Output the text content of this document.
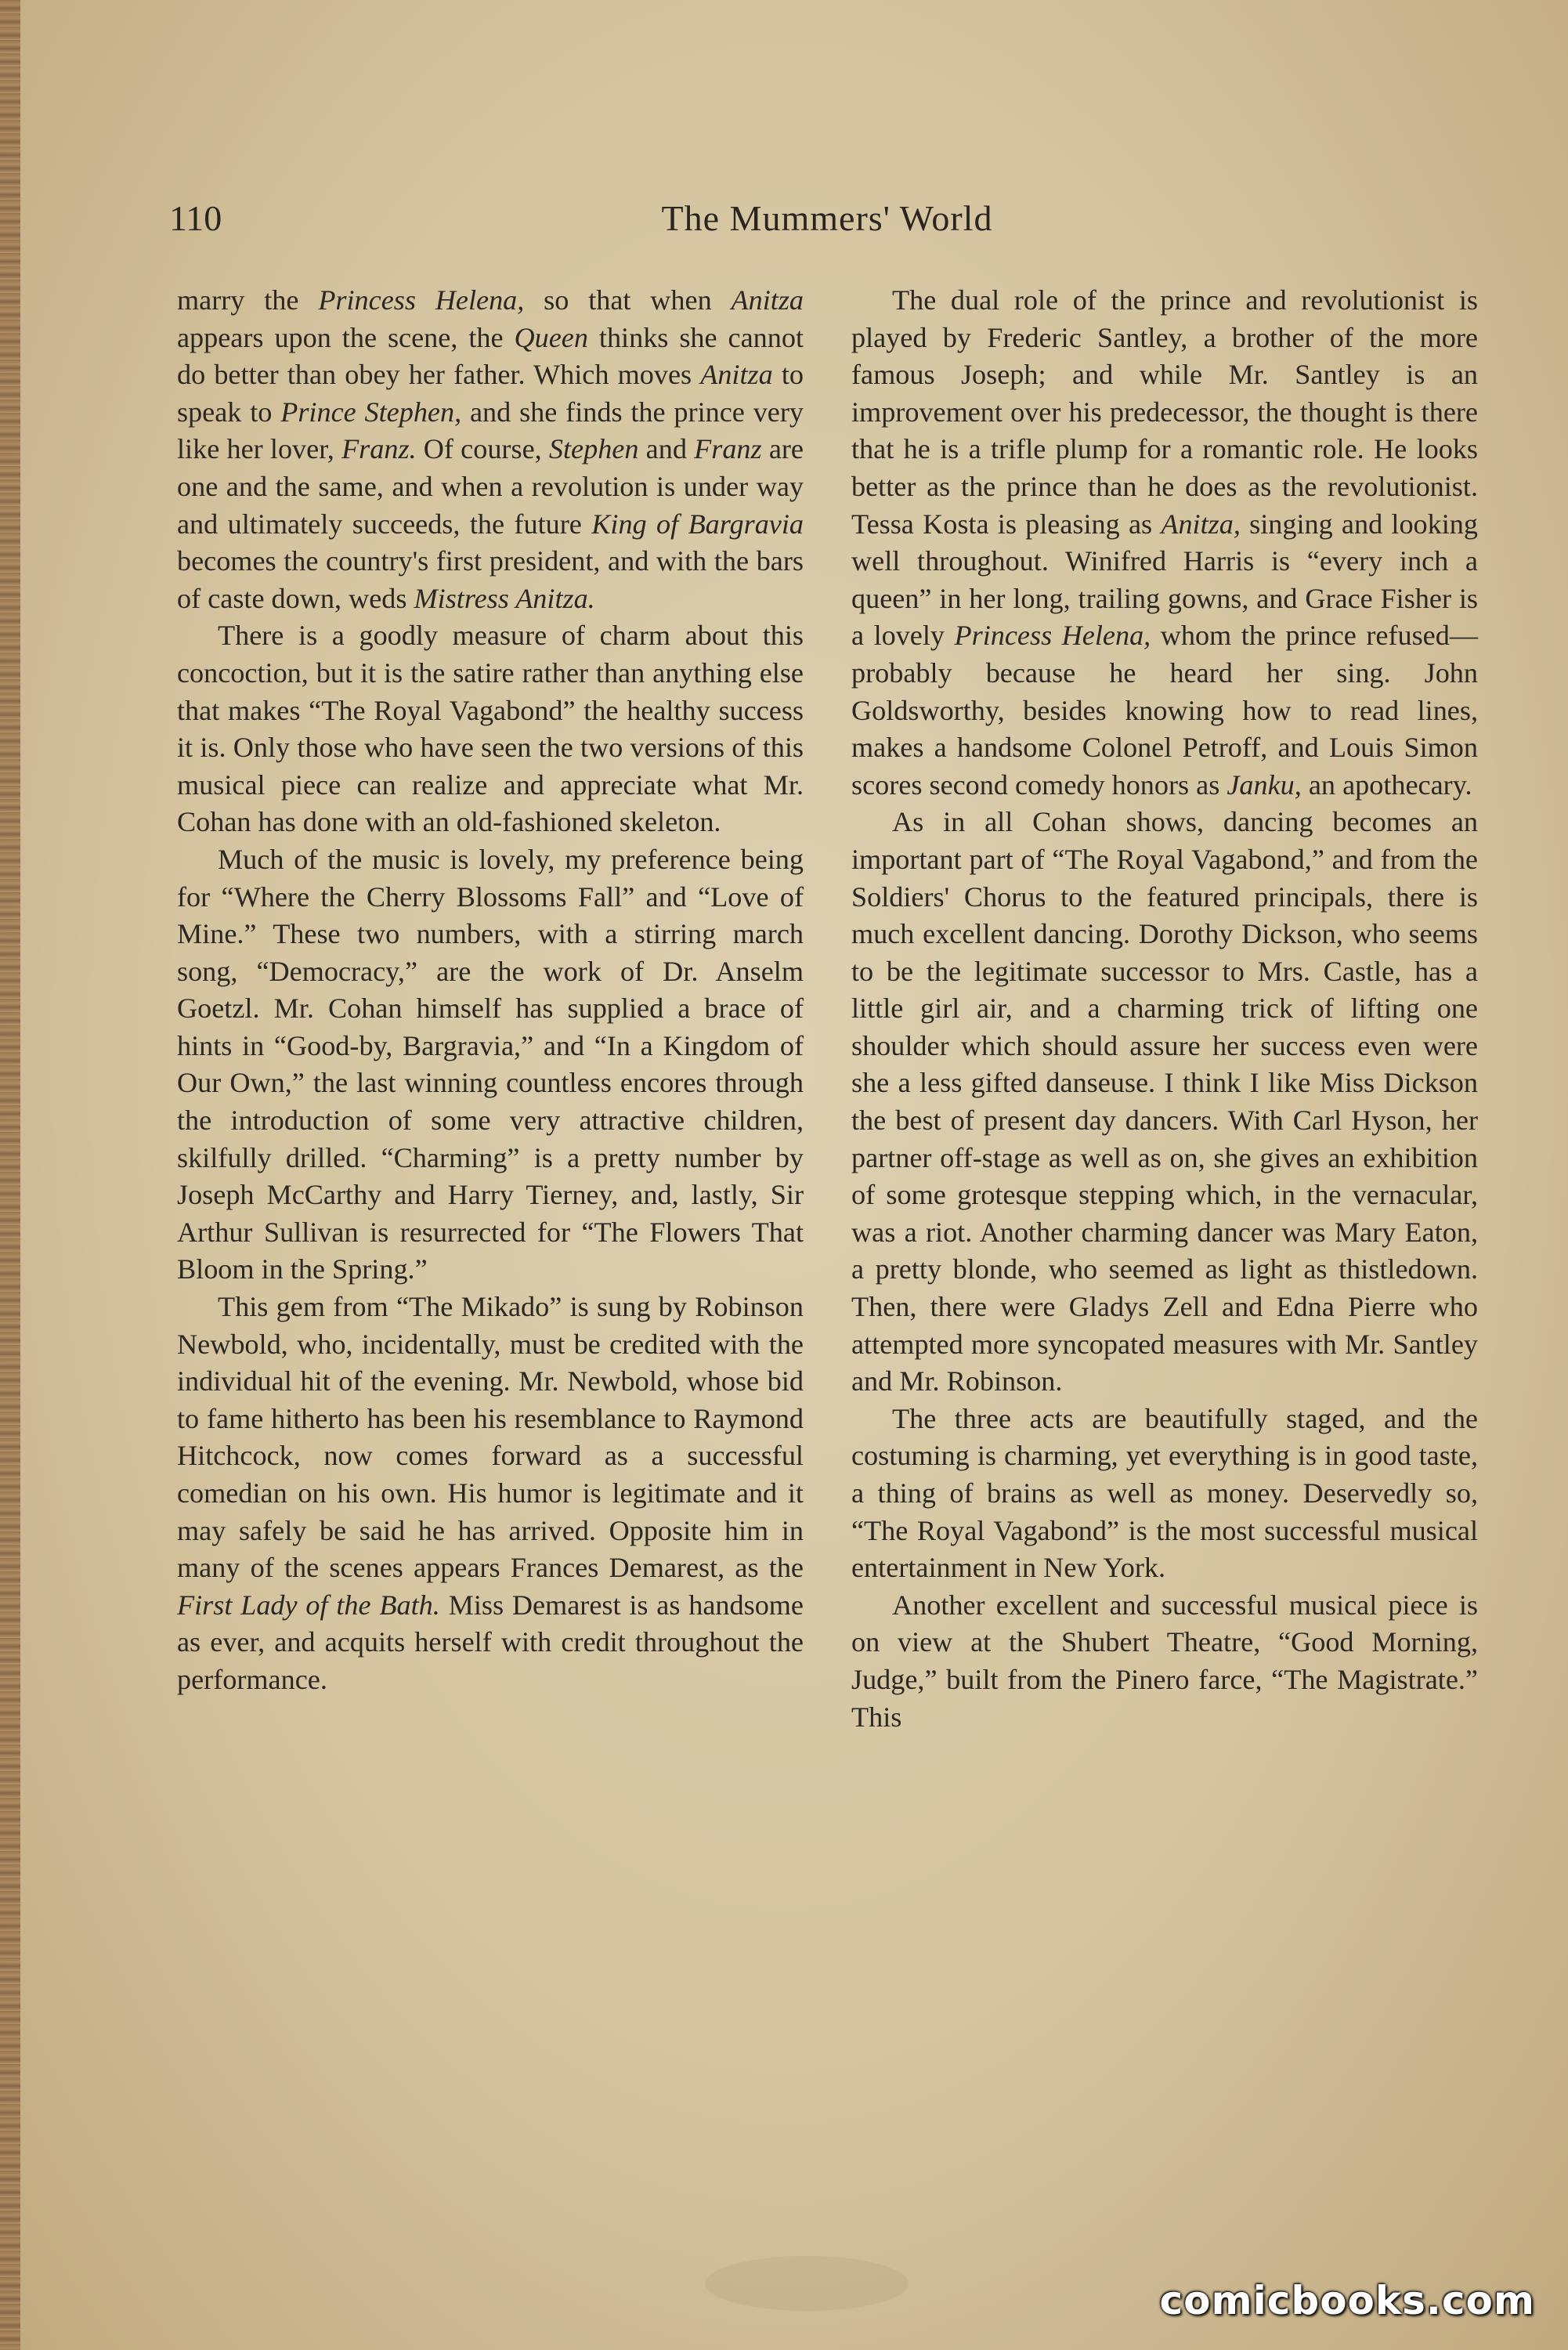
110	The Mummers' World

marry the Princess Helena, so that when Anitza appears upon the scene, the Queen thinks she cannot do better than obey her father. Which moves Anitza to speak to Prince Stephen, and she finds the prince very like her lover, Franz. Of course, Stephen and Franz are one and the same, and when a revolution is under way and ultimately succeeds, the future King of Bargravia becomes the country's first president, and with the bars of caste down, weds Mistress Anitza.

There is a goodly measure of charm about this concoction, but it is the satire rather than anything else that makes “The Royal Vagabond” the healthy success it is. Only those who have seen the two versions of this musical piece can realize and appreciate what Mr. Cohan has done with an old-fashioned skeleton.

Much of the music is lovely, my preference being for “Where the Cherry Blossoms Fall” and “Love of Mine.” These two numbers, with a stirring march song, “Democracy,” are the work of Dr. Anselm Goetzl. Mr. Cohan himself has supplied a brace of hints in “Good-by, Bargravia,” and “In a Kingdom of Our Own,” the last winning countless encores through the introduction of some very attractive children, skilfully drilled. “Charming” is a pretty number by Joseph McCarthy and Harry Tierney, and, lastly, Sir Arthur Sullivan is resurrected for “The Flowers That Bloom in the Spring.”

This gem from “The Mikado” is sung by Robinson Newbold, who, incidentally, must be credited with the individual hit of the evening. Mr. Newbold, whose bid to fame hitherto has been his resemblance to Raymond Hitchcock, now comes forward as a successful comedian on his own. His humor is legitimate and it may safely be said he has arrived. Opposite him in many of the scenes appears Frances Demarest, as the First Lady of the Bath. Miss Demarest is as handsome as ever, and acquits herself with credit throughout the performance.

The dual role of the prince and revolutionist is played by Frederic Santley, a brother of the more famous Joseph; and while Mr. Santley is an improvement over his predecessor, the thought is there that he is a trifle plump for a romantic role. He looks better as the prince than he does as the revolutionist. Tessa Kosta is pleasing as Anitza, singing and looking well throughout. Winifred Harris is “every inch a queen” in her long, trailing gowns, and Grace Fisher is a lovely Princess Helena, whom the prince refused—probably because he heard her sing. John Goldsworthy, besides knowing how to read lines, makes a handsome Colonel Petroff, and Louis Simon scores second comedy honors as Janku, an apothecary.

As in all Cohan shows, dancing becomes an important part of “The Royal Vagabond,” and from the Soldiers' Chorus to the featured principals, there is much excellent dancing. Dorothy Dickson, who seems to be the legitimate successor to Mrs. Castle, has a little girl air, and a charming trick of lifting one shoulder which should assure her success even were she a less gifted danseuse. I think I like Miss Dickson the best of present day dancers. With Carl Hyson, her partner off-stage as well as on, she gives an exhibition of some grotesque stepping which, in the vernacular, was a riot. Another charming dancer was Mary Eaton, a pretty blonde, who seemed as light as thistledown. Then, there were Gladys Zell and Edna Pierre who attempted more syncopated measures with Mr. Santley and Mr. Robinson.

The three acts are beautifully staged, and the costuming is charming, yet everything is in good taste, a thing of brains as well as money. Deservedly so, “The Royal Vagabond” is the most successful musical entertainment in New York.

Another excellent and successful musical piece is on view at the Shubert Theatre, “Good Morning, Judge,” built from the Pinero farce, “The Magistrate.” This

comicbooks.com
